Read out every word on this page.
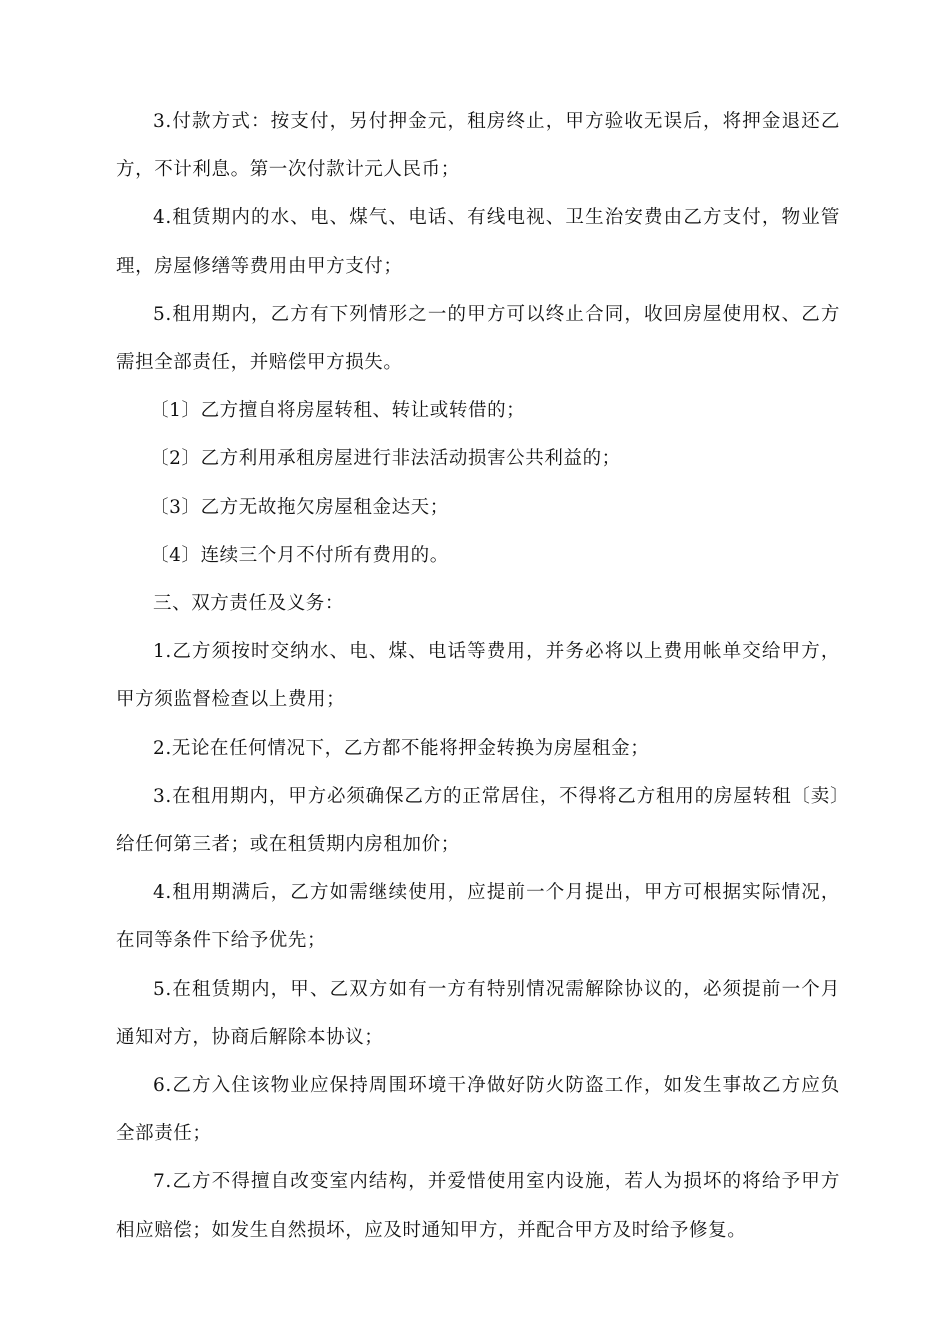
3.付款方式：按支付，另付押金元，租房终止，甲方验收无误后，将押金退还乙方，不计利息。第一次付款计元人民币；

4.租赁期内的水、电、煤气、电话、有线电视、卫生治安费由乙方支付，物业管理，房屋修缮等费用由甲方支付；

5.租用期内，乙方有下列情形之一的甲方可以终止合同，收回房屋使用权、乙方需担全部责任，并赔偿甲方损失。

〔1〕乙方擅自将房屋转租、转让或转借的；

〔2〕乙方利用承租房屋进行非法活动损害公共利益的；

〔3〕乙方无故拖欠房屋租金达天；

〔4〕连续三个月不付所有费用的。

三、双方责任及义务：

1.乙方须按时交纳水、电、煤、电话等费用，并务必将以上费用帐单交给甲方，甲方须监督检查以上费用；

2.无论在任何情况下，乙方都不能将押金转换为房屋租金；

3.在租用期内，甲方必须确保乙方的正常居住，不得将乙方租用的房屋转租〔卖〕给任何第三者；或在租赁期内房租加价；

4.租用期满后，乙方如需继续使用，应提前一个月提出，甲方可根据实际情况，在同等条件下给予优先；

5.在租赁期内，甲、乙双方如有一方有特别情况需解除协议的，必须提前一个月通知对方，协商后解除本协议；

6.乙方入住该物业应保持周围环境干净做好防火防盗工作，如发生事故乙方应负全部责任；

7.乙方不得擅自改变室内结构，并爱惜使用室内设施，若人为损坏的将给予甲方相应赔偿；如发生自然损坏，应及时通知甲方，并配合甲方及时给予修复。
